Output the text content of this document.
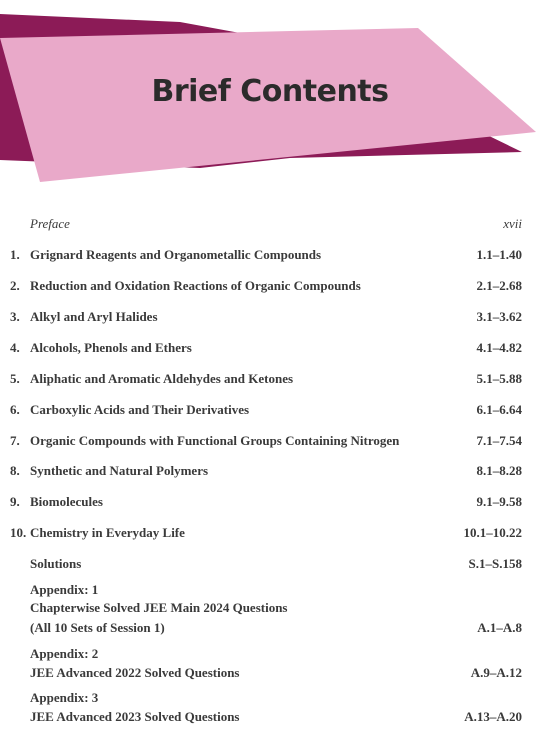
Brief Contents
Preface	xvii
1. Grignard Reagents and Organometallic Compounds	1.1–1.40
2. Reduction and Oxidation Reactions of Organic Compounds	2.1–2.68
3. Alkyl and Aryl Halides	3.1–3.62
4. Alcohols, Phenols and Ethers	4.1–4.82
5. Aliphatic and Aromatic Aldehydes and Ketones	5.1–5.88
6. Carboxylic Acids and Their Derivatives	6.1–6.64
7. Organic Compounds with Functional Groups Containing Nitrogen	7.1–7.54
8. Synthetic and Natural Polymers	8.1–8.28
9. Biomolecules	9.1–9.58
10. Chemistry in Everyday Life	10.1–10.22
Solutions	S.1–S.158
Appendix: 1
Chapterwise Solved JEE Main 2024 Questions
(All 10 Sets of Session 1)	A.1–A.8
Appendix: 2
JEE Advanced 2022 Solved Questions	A.9–A.12
Appendix: 3
JEE Advanced 2023 Solved Questions	A.13–A.20
